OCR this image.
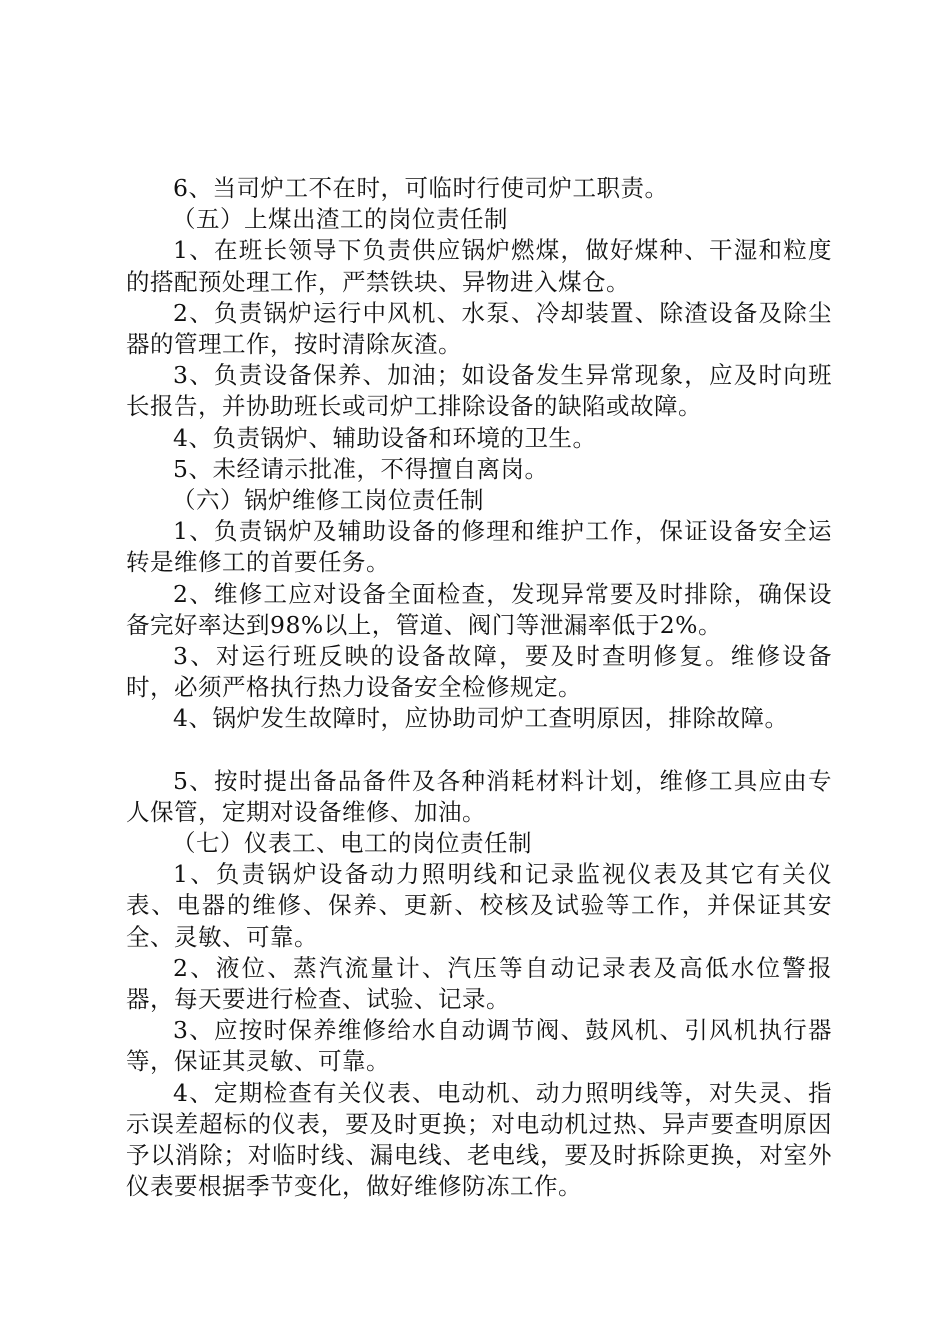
6、当司炉工不在时，可临时行使司炉工职责。

（五）上煤出渣工的岗位责任制

1、在班长领导下负责供应锅炉燃煤，做好煤种、干湿和粒度的搭配预处理工作，严禁铁块、异物进入煤仓。

2、负责锅炉运行中风机、水泵、冷却装置、除渣设备及除尘器的管理工作，按时清除灰渣。

3、负责设备保养、加油；如设备发生异常现象，应及时向班长报告，并协助班长或司炉工排除设备的缺陷或故障。

4、负责锅炉、辅助设备和环境的卫生。

5、未经请示批准，不得擅自离岗。

（六）锅炉维修工岗位责任制

1、负责锅炉及辅助设备的修理和维护工作，保证设备安全运转是维修工的首要任务。

2、维修工应对设备全面检查，发现异常要及时排除，确保设备完好率达到98%以上，管道、阀门等泄漏率低于2%。

3、对运行班反映的设备故障，要及时查明修复。维修设备时，必须严格执行热力设备安全检修规定。

4、锅炉发生故障时，应协助司炉工查明原因，排除故障。

5、按时提出备品备件及各种消耗材料计划，维修工具应由专人保管，定期对设备维修、加油。

（七）仪表工、电工的岗位责任制

1、负责锅炉设备动力照明线和记录监视仪表及其它有关仪表、电器的维修、保养、更新、校核及试验等工作，并保证其安全、灵敏、可靠。

2、液位、蒸汽流量计、汽压等自动记录表及高低水位警报器，每天要进行检查、试验、记录。

3、应按时保养维修给水自动调节阀、鼓风机、引风机执行器等，保证其灵敏、可靠。

4、定期检查有关仪表、电动机、动力照明线等，对失灵、指示误差超标的仪表，要及时更换；对电动机过热、异声要查明原因予以消除；对临时线、漏电线、老电线，要及时拆除更换，对室外仪表要根据季节变化，做好维修防冻工作。
